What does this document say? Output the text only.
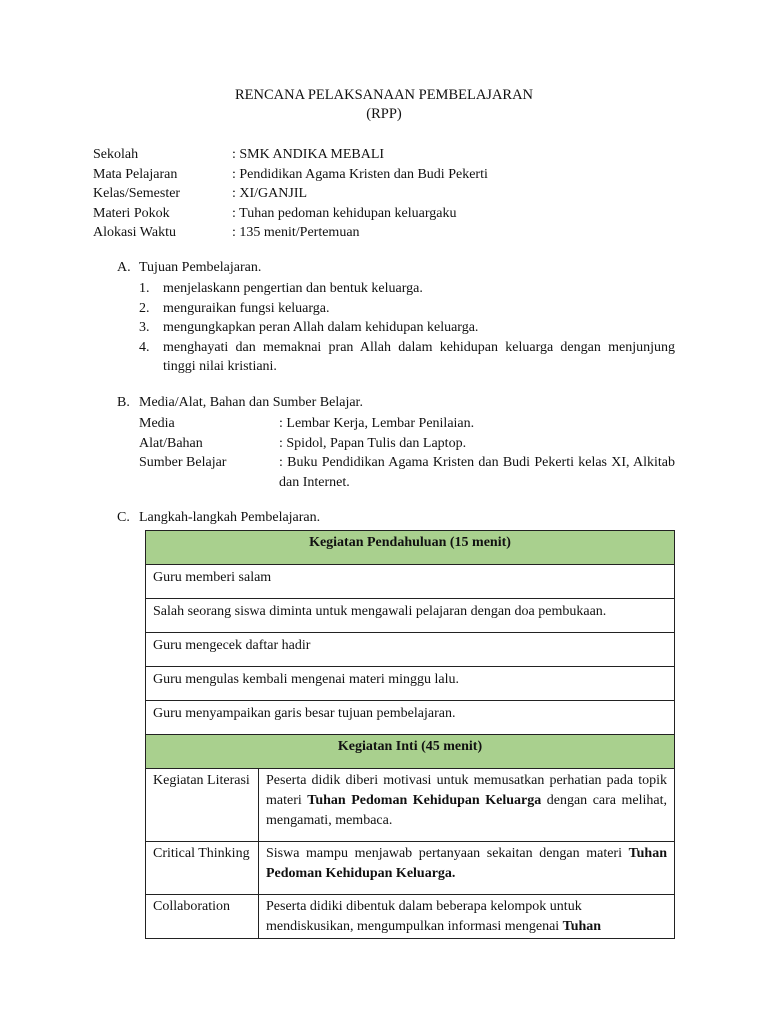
RENCANA PELAKSANAAN PEMBELAJARAN
(RPP)
Sekolah	: SMK ANDIKA MEBALI
Mata Pelajaran	: Pendidikan Agama Kristen dan Budi Pekerti
Kelas/Semester	: XI/GANJIL
Materi Pokok	: Tuhan pedoman kehidupan keluargaku
Alokasi Waktu	: 135 menit/Pertemuan
A. Tujuan Pembelajaran.
1. menjelaskann pengertian dan bentuk keluarga.
2. menguraikan fungsi keluarga.
3. mengungkapkan peran Allah dalam kehidupan keluarga.
4. menghayati dan memaknai pran Allah dalam kehidupan keluarga dengan menjunjung tinggi nilai kristiani.
B. Media/Alat, Bahan dan Sumber Belajar.
Media	: Lembar Kerja, Lembar Penilaian.
Alat/Bahan	: Spidol, Papan Tulis dan Laptop.
Sumber Belajar	: Buku Pendidikan Agama Kristen dan Budi Pekerti kelas XI, Alkitab dan Internet.
C. Langkah-langkah Pembelajaran.
Kegiatan Pendahuluan (15 menit)	
Guru memberi salam	
Salah seorang siswa diminta untuk mengawali pelajaran dengan doa pembukaan.	
Guru mengecek daftar hadir	
Guru mengulas kembali mengenai materi minggu lalu.	
Guru menyampaikan garis besar tujuan pembelajaran.	
Kegiatan Inti (45 menit)	
Kegiatan Literasi	Peserta didik diberi motivasi untuk memusatkan perhatian pada topik materi Tuhan Pedoman Kehidupan Keluarga dengan cara melihat, mengamati, membaca.
Critical Thinking	Siswa mampu menjawab pertanyaan sekaitan dengan materi Tuhan Pedoman Kehidupan Keluarga.
Collaboration	Peserta didiki dibentuk dalam beberapa kelompok untuk mendiskusikan, mengumpulkan informasi mengenai Tuhan
